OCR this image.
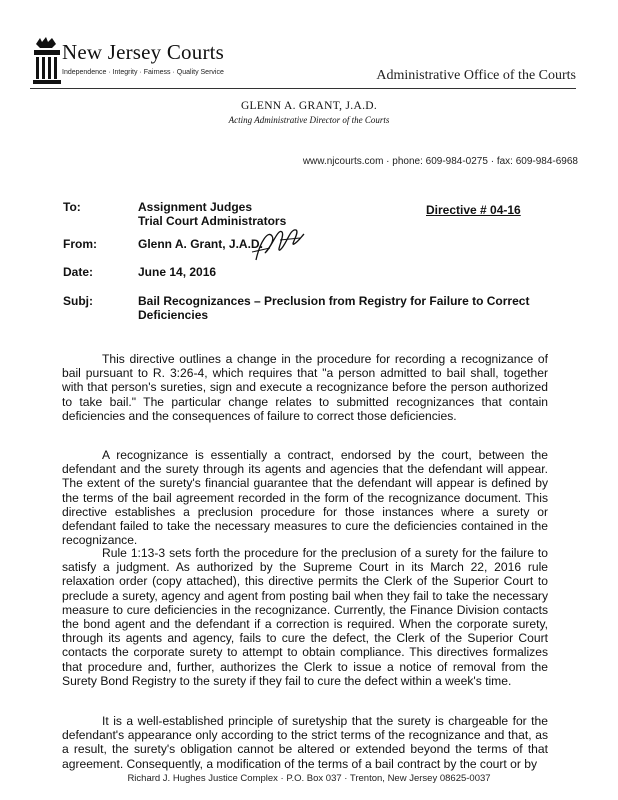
New Jersey Courts
Independence · Integrity · Fairness · Quality Service	Administrative Office of the Courts
GLENN A. GRANT, J.A.D.
Acting Administrative Director of the Courts
www.njcourts.com · phone: 609-984-0275 · fax: 609-984-6968
To:	Assignment Judges
Trial Court Administrators
Directive # 04-16
From:	Glenn A. Grant, J.A.D.
Date:	June 14, 2016
Subj:	Bail Recognizances – Preclusion from Registry for Failure to Correct
Deficiencies
This directive outlines a change in the procedure for recording a recognizance of bail pursuant to R. 3:26-4, which requires that "a person admitted to bail shall, together with that person's sureties, sign and execute a recognizance before the person authorized to take bail." The particular change relates to submitted recognizances that contain deficiencies and the consequences of failure to correct those deficiencies.
A recognizance is essentially a contract, endorsed by the court, between the defendant and the surety through its agents and agencies that the defendant will appear. The extent of the surety's financial guarantee that the defendant will appear is defined by the terms of the bail agreement recorded in the form of the recognizance document. This directive establishes a preclusion procedure for those instances where a surety or defendant failed to take the necessary measures to cure the deficiencies contained in the recognizance.
Rule 1:13-3 sets forth the procedure for the preclusion of a surety for the failure to satisfy a judgment. As authorized by the Supreme Court in its March 22, 2016 rule relaxation order (copy attached), this directive permits the Clerk of the Superior Court to preclude a surety, agency and agent from posting bail when they fail to take the necessary measure to cure deficiencies in the recognizance. Currently, the Finance Division contacts the bond agent and the defendant if a correction is required. When the corporate surety, through its agents and agency, fails to cure the defect, the Clerk of the Superior Court contacts the corporate surety to attempt to obtain compliance. This directives formalizes that procedure and, further, authorizes the Clerk to issue a notice of removal from the Surety Bond Registry to the surety if they fail to cure the defect within a week's time.
It is a well-established principle of suretyship that the surety is chargeable for the defendant's appearance only according to the strict terms of the recognizance and that, as a result, the surety's obligation cannot be altered or extended beyond the terms of that agreement. Consequently, a modification of the terms of a bail contract by the court or by
Richard J. Hughes Justice Complex · P.O. Box 037 · Trenton, New Jersey 08625-0037
